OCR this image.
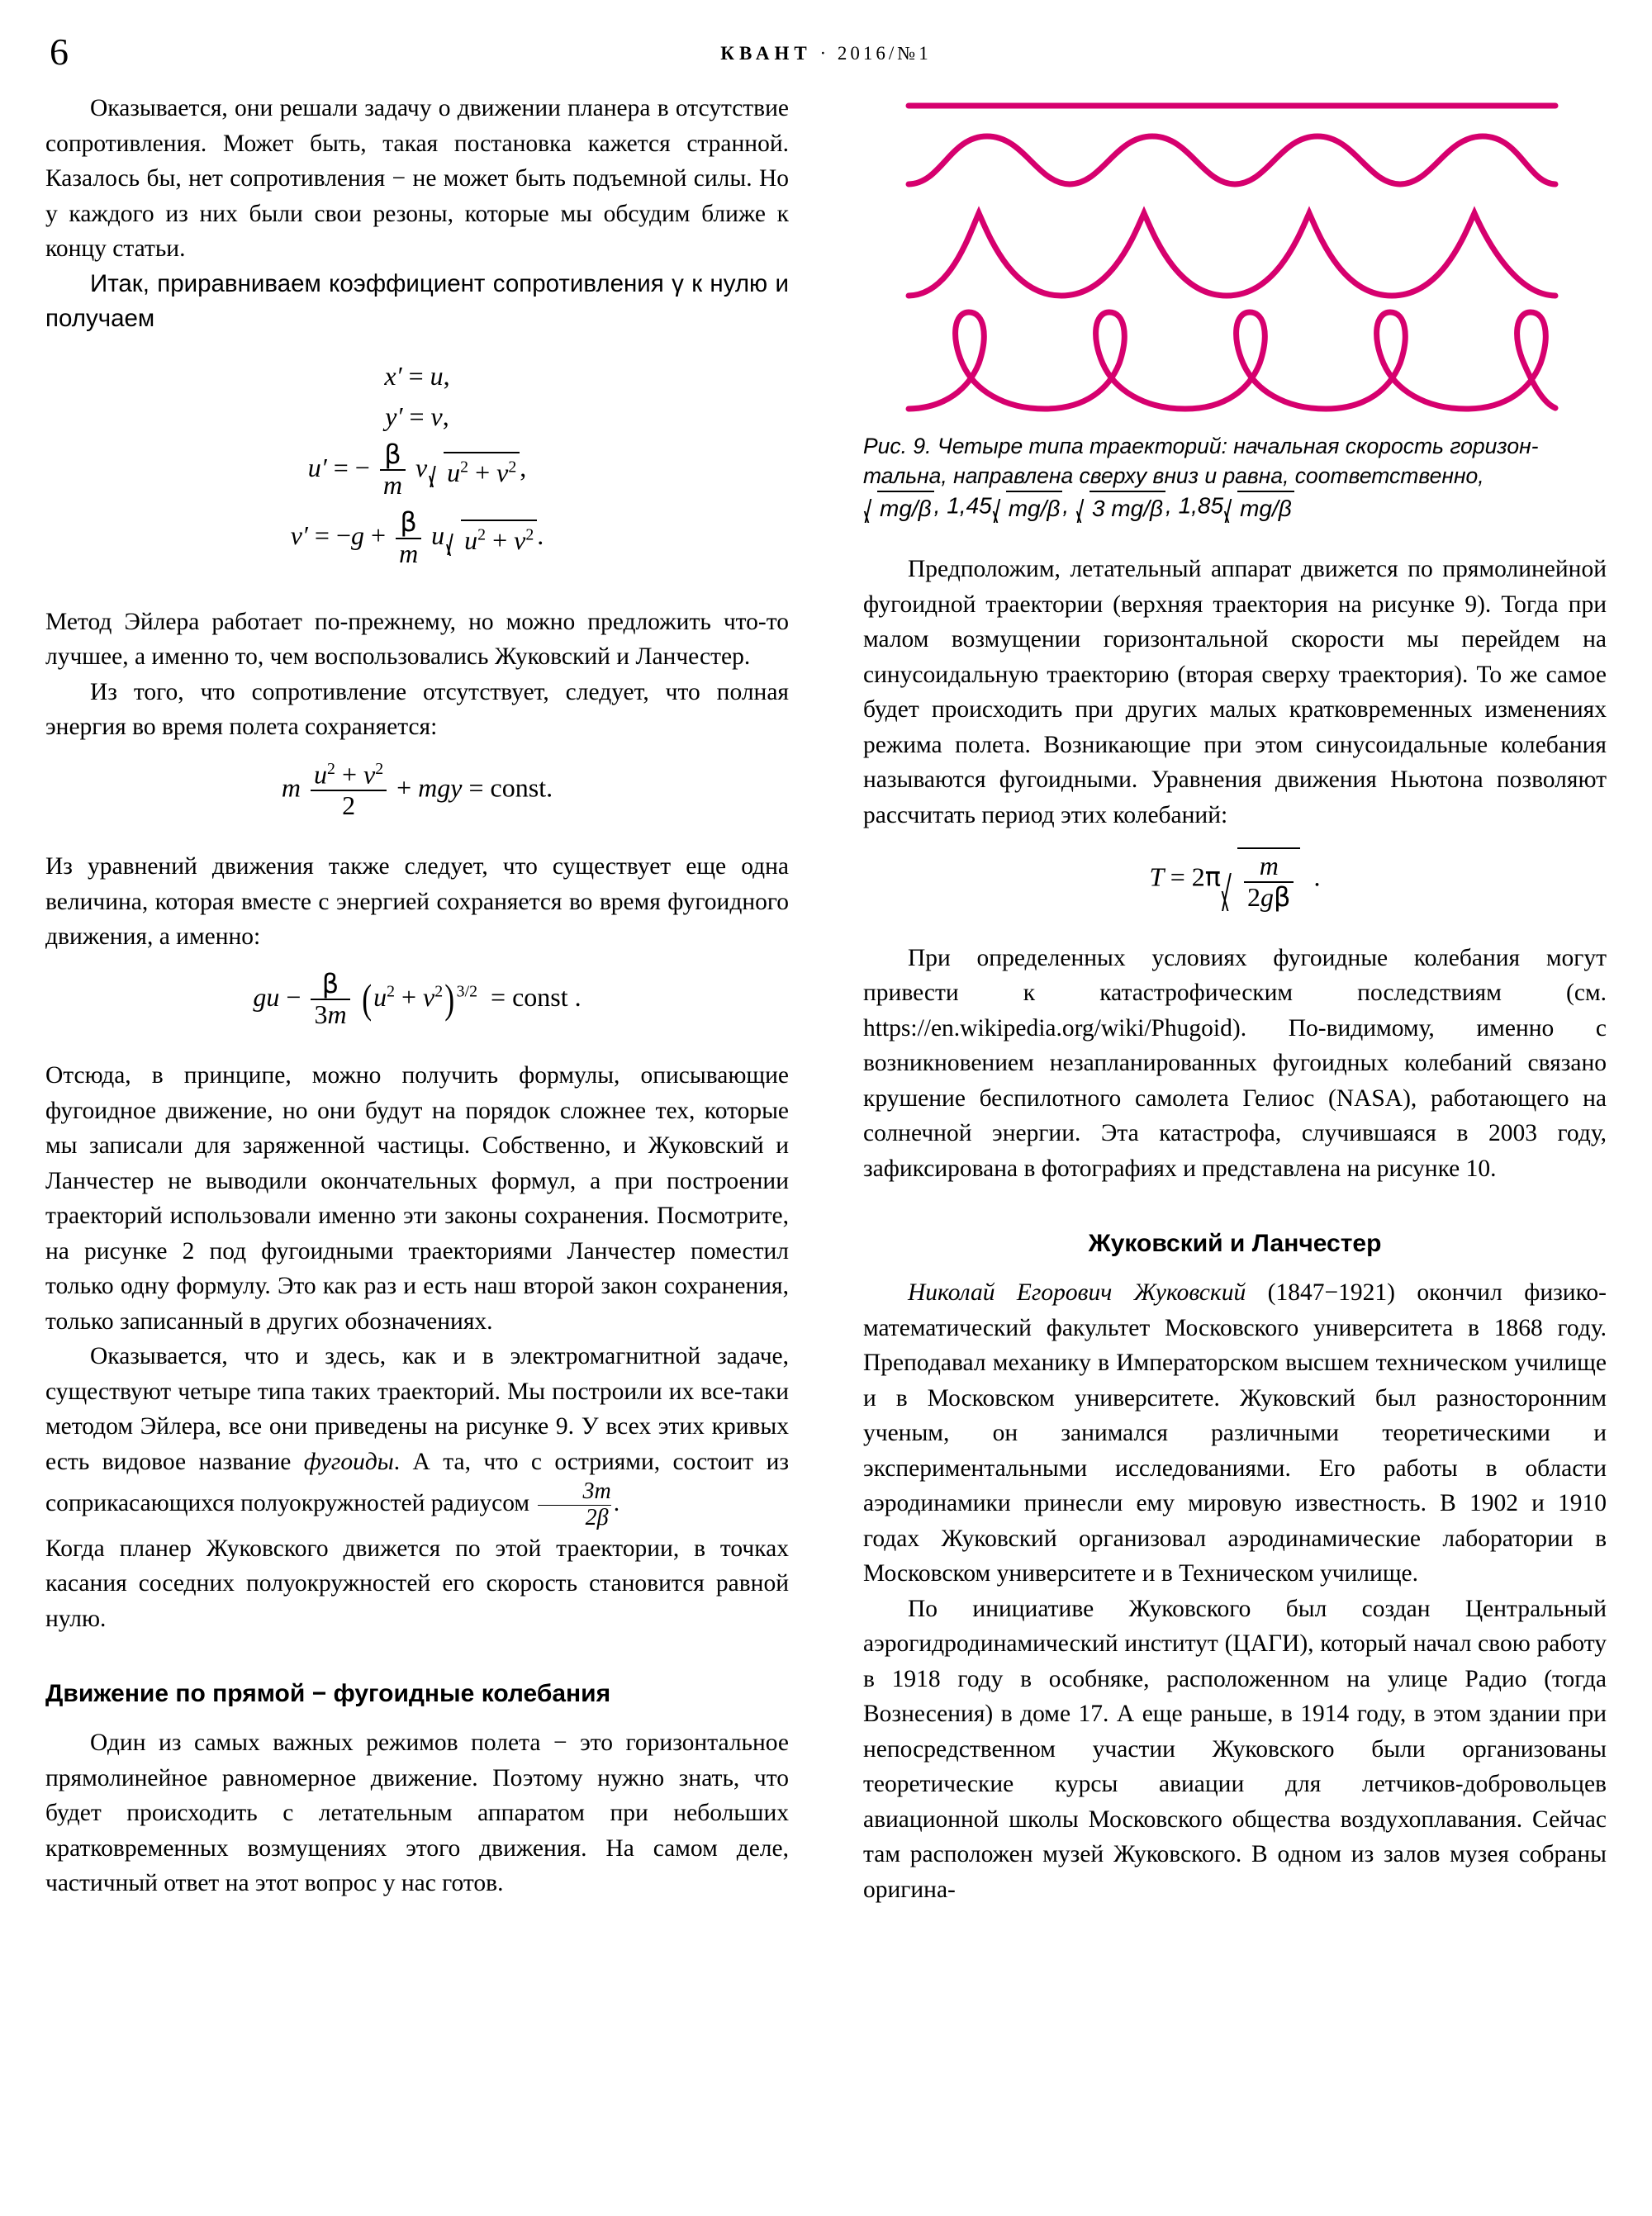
6	КВАНТ · 2016/№1

Оказывается, они решали задачу о движении планера в отсутствие сопротивления. Может быть, такая постановка кажется странной. Казалось бы, нет сопротивления − не может быть подъемной силы. Но у каждого из них были свои резоны, которые мы обсудим ближе к концу статьи.

Итак, приравниваем коэффициент сопротивления γ к нулю и получаем

x′ = u,
y′ = v,
u′ = − $\frac{\beta}{m}$ v $u^2 + v^2$ ,
$v' = -g + \frac{\beta}{m}$ u $u^2 + v^2$ .

Метод Эйлера работает по-прежнему, но можно предложить что-то лучшее, а именно то, чем воспользовались Жуковский и Ланчестер.

Из того, что сопротивление отсутствует, следует, что полная энергия во время полета сохраняется:

m $\frac{u^2 + v^2}{2}$ + mgy = const.

Из уравнений движения также следует, что существует еще одна величина, которая вместе с энергией сохраняется во время фугоидного движения, а именно:

gu − $\frac{\beta}{3m} (u^2 + v^2) ^{3/2}$  = const .

Отсюда, в принципе, можно получить формулы, описывающие фугоидное движение, но они будут на порядок сложнее тех, которые мы записали для заряженной частицы. Собственно, и Жуковский и Ланчестер не выводили окончательных формул, а при построении траекторий использовали именно эти законы сохранения. Посмотрите, на рисунке 2 под фугоидными траекториями Ланчестер поместил только одну формулу. Это как раз и есть наш второй закон сохранения, только записанный в других обозначениях.

Оказывается, что и здесь, как и в электромагнитной задаче, существуют четыре типа таких траекторий. Мы построили их все-таки методом Эйлера, все они приведены на рисунке 9. У всех этих кривых есть видовое название фугоиды. А та, что с остриями, состоит из соприкасающихся полуокружностей радиусом $\frac{3m}{2\beta}$ .

Когда планер Жуковского движется по этой траектории, в точках касания соседних полуокружностей его скорость становится равной нулю.

Движение по прямой − фугоидные колебания

Один из самых важных режимов полета − это горизонтальное прямолинейное равномерное движение. Поэтому нужно знать, что будет происходить с летательным аппаратом при небольших кратковременных возмущениях этого движения. На самом деле, частичный ответ на этот вопрос у нас готов.

Рис. 9. Четыре типа траекторий: начальная скорость горизон-
тальна, направлена сверху вниз и равна, соответственно,
mg/β , 1,45 mg/β , 3 mg/β , 1,85 mg/β

Предположим, летательный аппарат движется по прямолинейной фугоидной траектории (верхняя траектория на рисунке 9). Тогда при малом возмущении горизонтальной скорости мы перейдем на синусоидальную траекторию (вторая сверху траектория). То же самое будет происходить при других малых кратковременных изменениях режима полета. Возникающие при этом синусоидальные колебания называются фугоидными. Уравнения движения Ньютона позволяют рассчитать период этих колебаний:

$T = 2\pi \frac{m}{2g\beta}$ .

При определенных условиях фугоидные колебания могут привести к катастрофическим последствиям (см. https://en.wikipedia.org/wiki/Phugoid). По-видимому, именно с возникновением незапланированных фугоидных колебаний связано крушение беспилотного самолета Гелиос (NASA), работающего на солнечной энергии. Эта катастрофа, случившаяся в 2003 году, зафиксирована в фотографиях и представлена на рисунке 10.

Жуковский и Ланчестер

Николай Егорович Жуковский (1847−1921) окончил физико-математический факультет Московского университета в 1868 году. Преподавал механику в Императорском высшем техническом училище и в Московском университете. Жуковский был разносторонним ученым, он занимался различными теоретическими и экспериментальными исследованиями. Его работы в области аэродинамики принесли ему мировую известность. В 1902 и 1910 годах Жуковский организовал аэродинамические лаборатории в Московском университете и в Техническом училище.

По инициативе Жуковского был создан Центральный аэрогидродинамический институт (ЦАГИ), который начал свою работу в 1918 году в особняке, расположенном на улице Радио (тогда Вознесения) в доме 17. А еще раньше, в 1914 году, в этом здании при непосредственном участии Жуковского были организованы теоретические курсы авиации для летчиков-добровольцев авиационной школы Московского общества воздухоплавания. Сейчас там расположен музей Жуковского. В одном из залов музея собраны оригина-
